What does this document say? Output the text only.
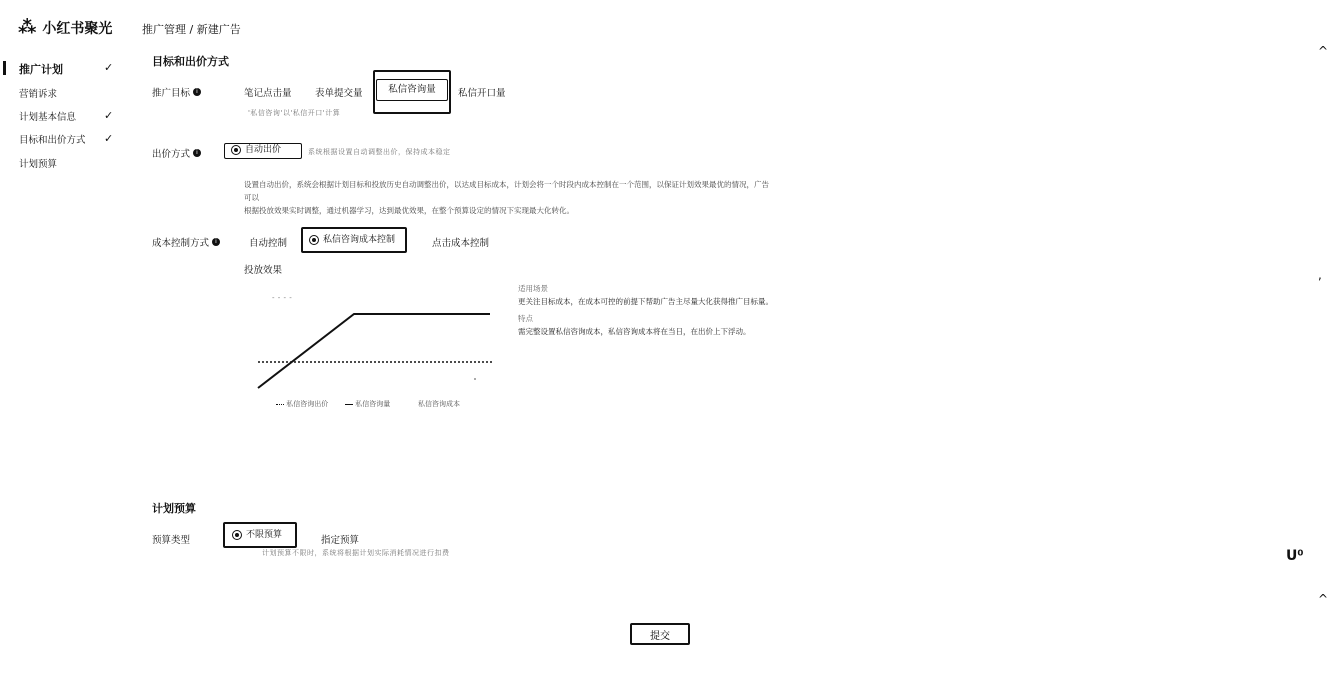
⁂ 小红书聚光	推广管理 / 新建广告
推广计划	✓
营销诉求
计划基本信息	✓
目标和出价方式 ✓
计划预算
目标和出价方式
推广目标	i	笔记点击量 表单提交量	私信咨询量	私信开口量
'私信咨询'以'私信开口'计算
出价方式	i	自动出价	系统根据设置自动调整出价，保持成本稳定
设置自动出价，系统会根据计划目标和投放历史自动调整出价，以达成目标成本，计划会将一个时段内成本控制在一个范围，以保证计划效果最优的情况，广告可以
根据投放效果实时调整，通过机器学习，达到最优效果，在整个预算设定的情况下实现最大化转化。
成本控制方式	i	自动控制	私信咨询成本控制	点击成本控制
投放效果
- - - -
私信咨询出价	私信咨询量	私信咨询成本
适用场景
更关注目标成本，在成本可控的前提下帮助广告主尽量大化获得推广目标量。
特点
需完整设置私信咨询成本，私信咨询成本将在当日，在出价上下浮动。
计划预算
预算类型	不限预算	指定预算
计划预算不限时，系统将根据计划实际消耗情况进行扣费
提交
^
,
ᑌ⁰
^
